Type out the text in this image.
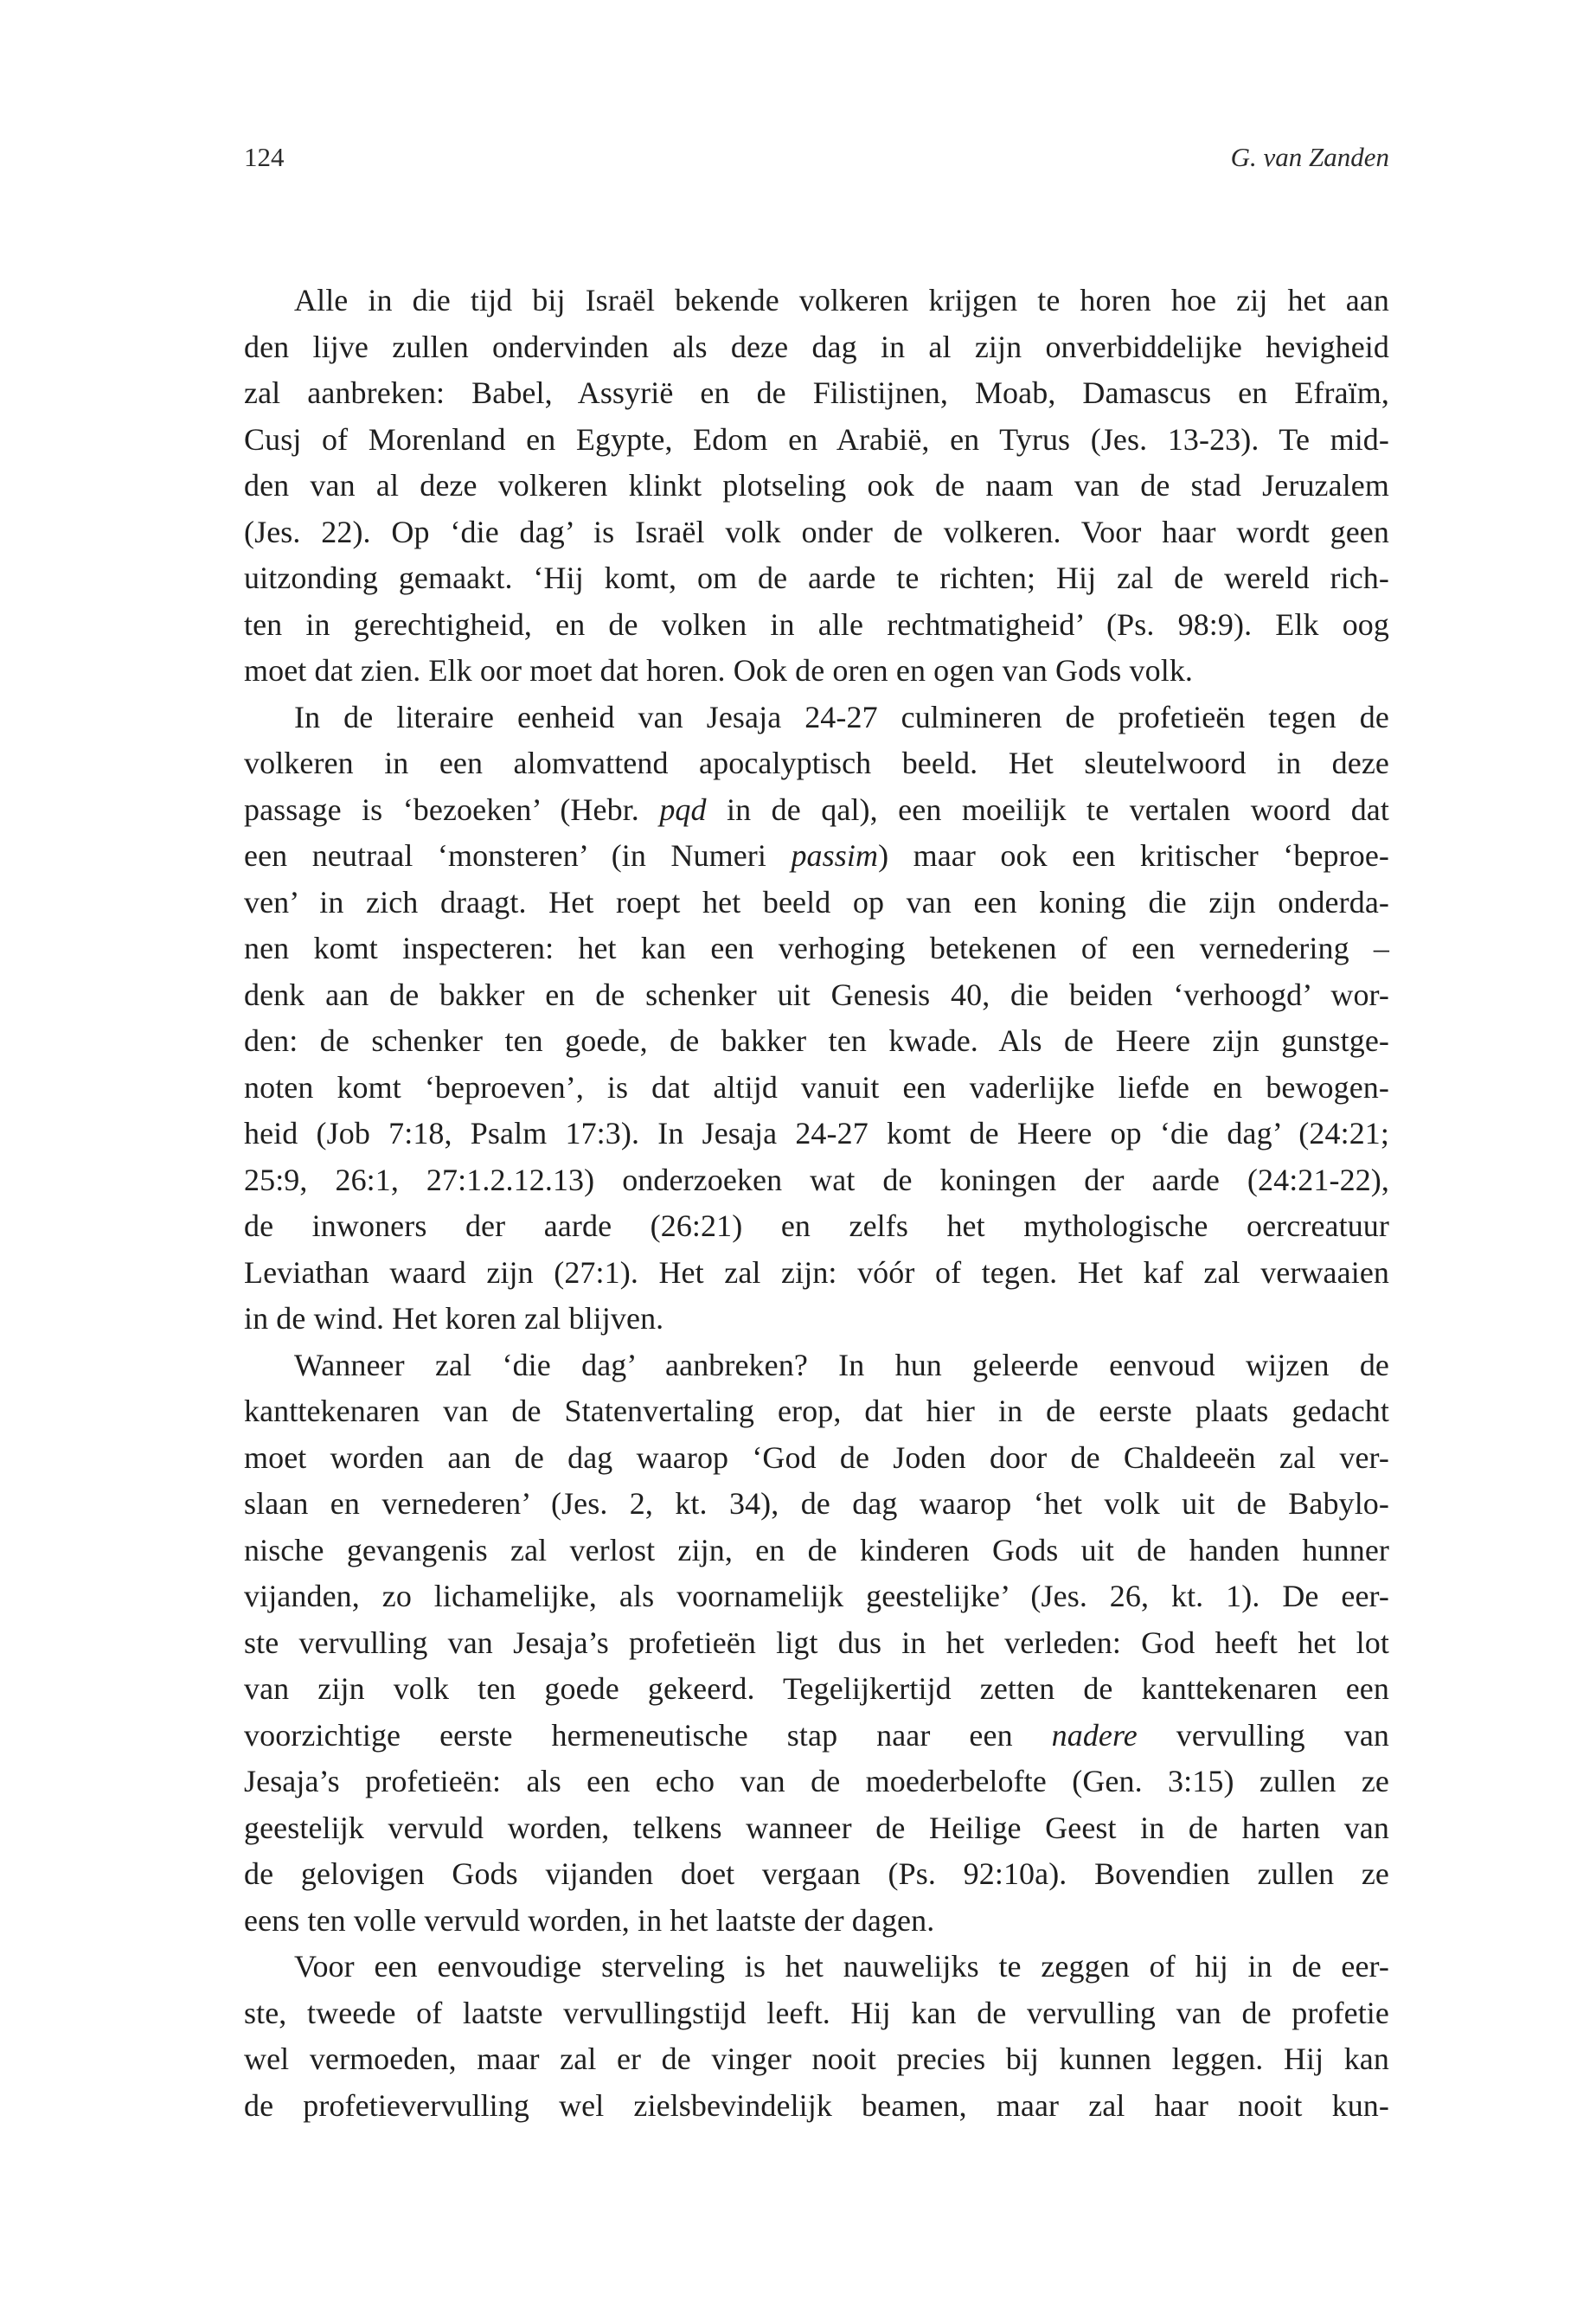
124	G. van Zanden
Alle in die tijd bij Israël bekende volkeren krijgen te horen hoe zij het aan
den lijve zullen ondervinden als deze dag in al zijn onverbiddelijke hevigheid
zal aanbreken: Babel, Assyrië en de Filistijnen, Moab, Damascus en Efraïm,
Cusj of Morenland en Egypte, Edom en Arabië, en Tyrus (Jes. 13-23). Te mid-
den van al deze volkeren klinkt plotseling ook de naam van de stad Jeruzalem
(Jes. 22). Op ‘die dag’ is Israël volk onder de volkeren. Voor haar wordt geen
uitzonding gemaakt. ‘Hij komt, om de aarde te richten; Hij zal de wereld rich-
ten in gerechtigheid, en de volken in alle rechtmatigheid’ (Ps. 98:9). Elk oog
moet dat zien. Elk oor moet dat horen. Ook de oren en ogen van Gods volk.
In de literaire eenheid van Jesaja 24-27 culmineren de profetieën tegen de
volkeren in een alomvattend apocalyptisch beeld. Het sleutelwoord in deze
passage is ‘bezoeken’ (Hebr. pqd in de qal), een moeilijk te vertalen woord dat
een neutraal ‘monsteren’ (in Numeri passim) maar ook een kritischer ‘beproe-
ven’ in zich draagt. Het roept het beeld op van een koning die zijn onderda-
nen komt inspecteren: het kan een verhoging betekenen of een vernedering –
denk aan de bakker en de schenker uit Genesis 40, die beiden ‘verhoogd’ wor-
den: de schenker ten goede, de bakker ten kwade. Als de Heere zijn gunstge-
noten komt ‘beproeven’, is dat altijd vanuit een vaderlijke liefde en bewogen-
heid (Job 7:18, Psalm 17:3). In Jesaja 24-27 komt de Heere op ‘die dag’ (24:21;
25:9, 26:1, 27:1.2.12.13) onderzoeken wat de koningen der aarde (24:21-22),
de inwoners der aarde (26:21) en zelfs het mythologische oercreatuur
Leviathan waard zijn (27:1). Het zal zijn: vóór of tegen. Het kaf zal verwaaien
in de wind. Het koren zal blijven.
Wanneer zal ‘die dag’ aanbreken? In hun geleerde eenvoud wijzen de
kanttekenaren van de Statenvertaling erop, dat hier in de eerste plaats gedacht
moet worden aan de dag waarop ‘God de Joden door de Chaldeeën zal ver-
slaan en vernederen’ (Jes. 2, kt. 34), de dag waarop ‘het volk uit de Babylo-
nische gevangenis zal verlost zijn, en de kinderen Gods uit de handen hunner
vijanden, zo lichamelijke, als voornamelijk geestelijke’ (Jes. 26, kt. 1). De eer-
ste vervulling van Jesaja’s profetieën ligt dus in het verleden: God heeft het lot
van zijn volk ten goede gekeerd. Tegelijkertijd zetten de kanttekenaren een
voorzichtige eerste hermeneutische stap naar een nadere vervulling van
Jesaja’s profetieën: als een echo van de moederbelofte (Gen. 3:15) zullen ze
geestelijk vervuld worden, telkens wanneer de Heilige Geest in de harten van
de gelovigen Gods vijanden doet vergaan (Ps. 92:10a). Bovendien zullen ze
eens ten volle vervuld worden, in het laatste der dagen.
Voor een eenvoudige sterveling is het nauwelijks te zeggen of hij in de eer-
ste, tweede of laatste vervullingstijd leeft. Hij kan de vervulling van de profetie
wel vermoeden, maar zal er de vinger nooit precies bij kunnen leggen. Hij kan
de profetievervulling wel zielsbevindelijk beamen, maar zal haar nooit kun-
